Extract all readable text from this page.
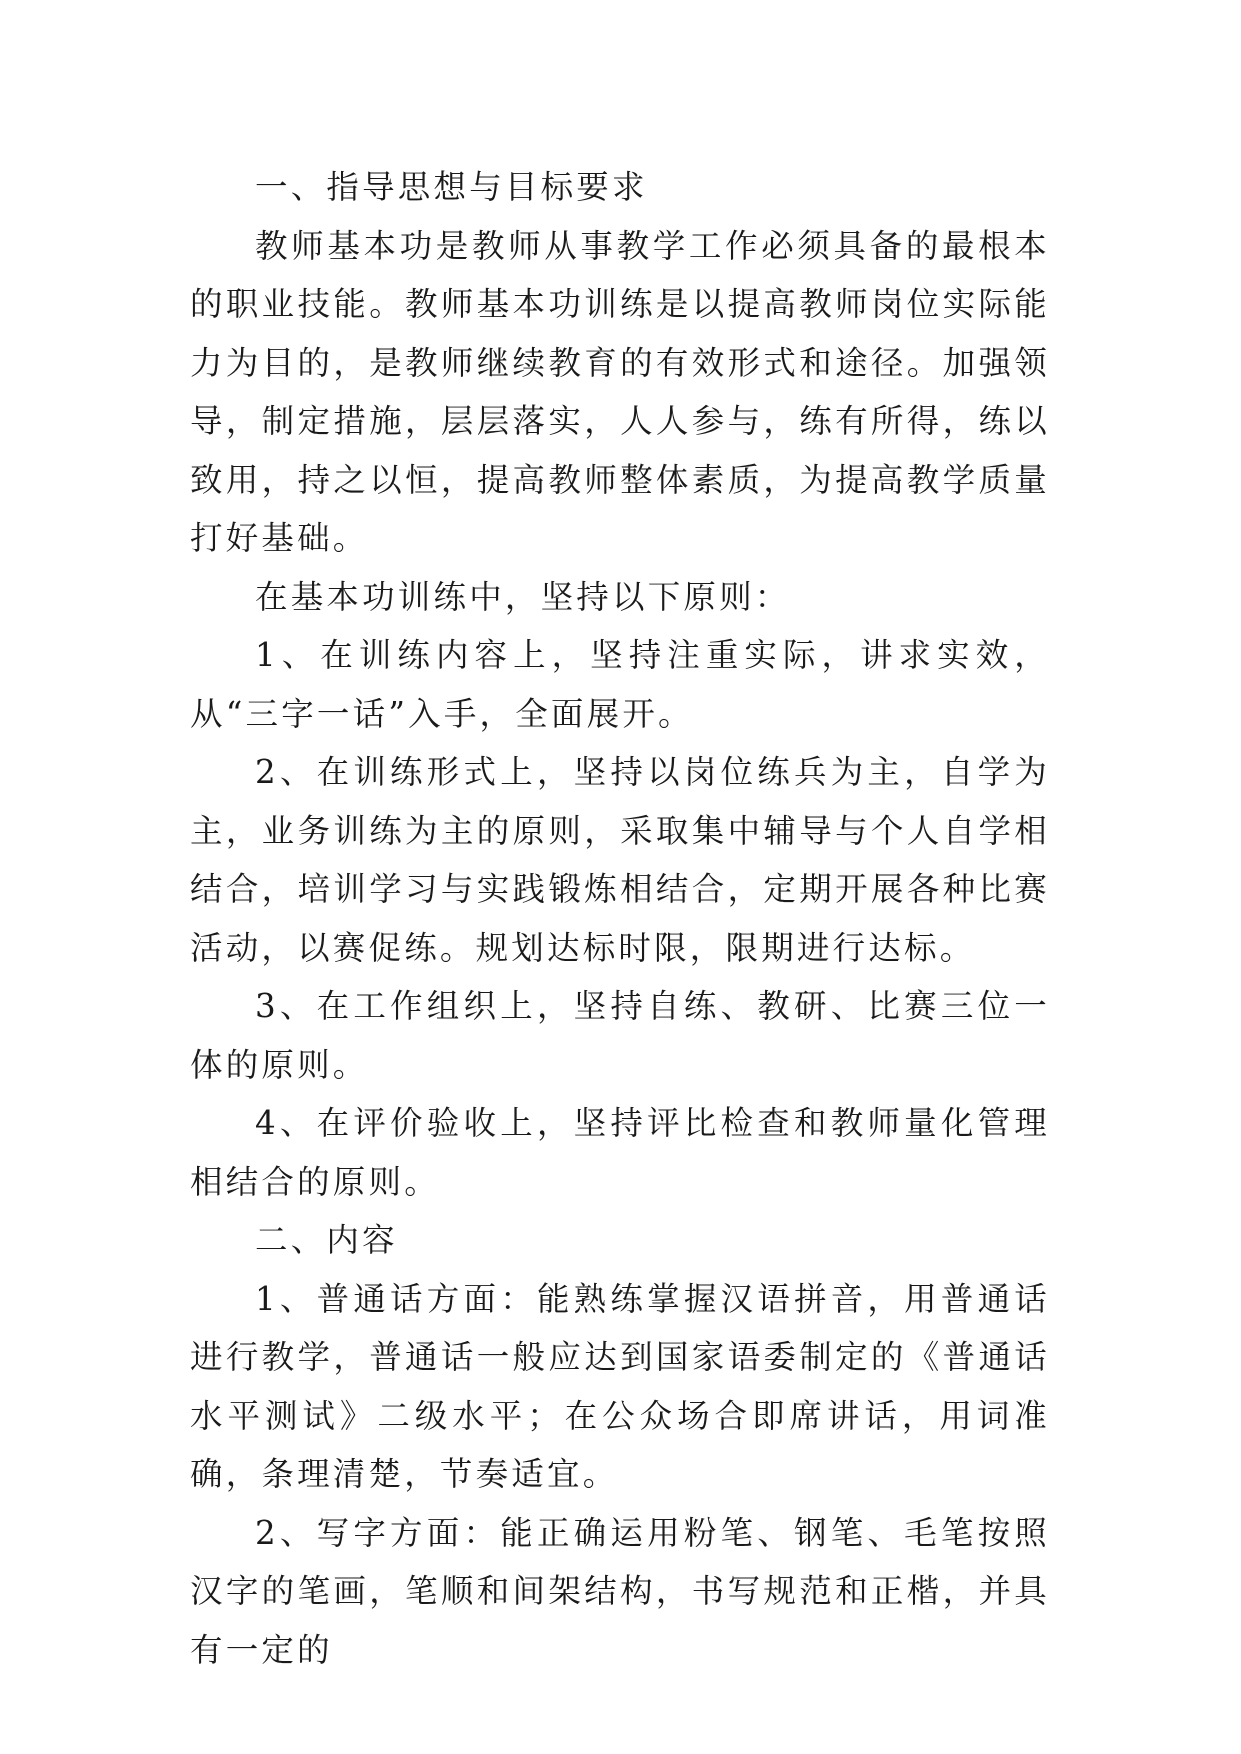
一、指导思想与目标要求

教师基本功是教师从事教学工作必须具备的最根本的职业技能。教师基本功训练是以提高教师岗位实际能力为目的，是教师继续教育的有效形式和途径。加强领导，制定措施，层层落实，人人参与，练有所得，练以致用，持之以恒，提高教师整体素质，为提高教学质量打好基础。

在基本功训练中，坚持以下原则：

1、在训练内容上，坚持注重实际，讲求实效，从“三字一话”入手，全面展开。

2、在训练形式上，坚持以岗位练兵为主，自学为主，业务训练为主的原则，采取集中辅导与个人自学相结合，培训学习与实践锻炼相结合，定期开展各种比赛活动，以赛促练。规划达标时限，限期进行达标。

3、在工作组织上，坚持自练、教研、比赛三位一体的原则。

4、在评价验收上，坚持评比检查和教师量化管理相结合的原则。

二、内容

1、普通话方面：能熟练掌握汉语拼音，用普通话进行教学，普通话一般应达到国家语委制定的《普通话水平测试》二级水平；在公众场合即席讲话，用词准确，条理清楚，节奏适宜。

2、写字方面：能正确运用粉笔、钢笔、毛笔按照汉字的笔画，笔顺和间架结构，书写规范和正楷，并具有一定的
